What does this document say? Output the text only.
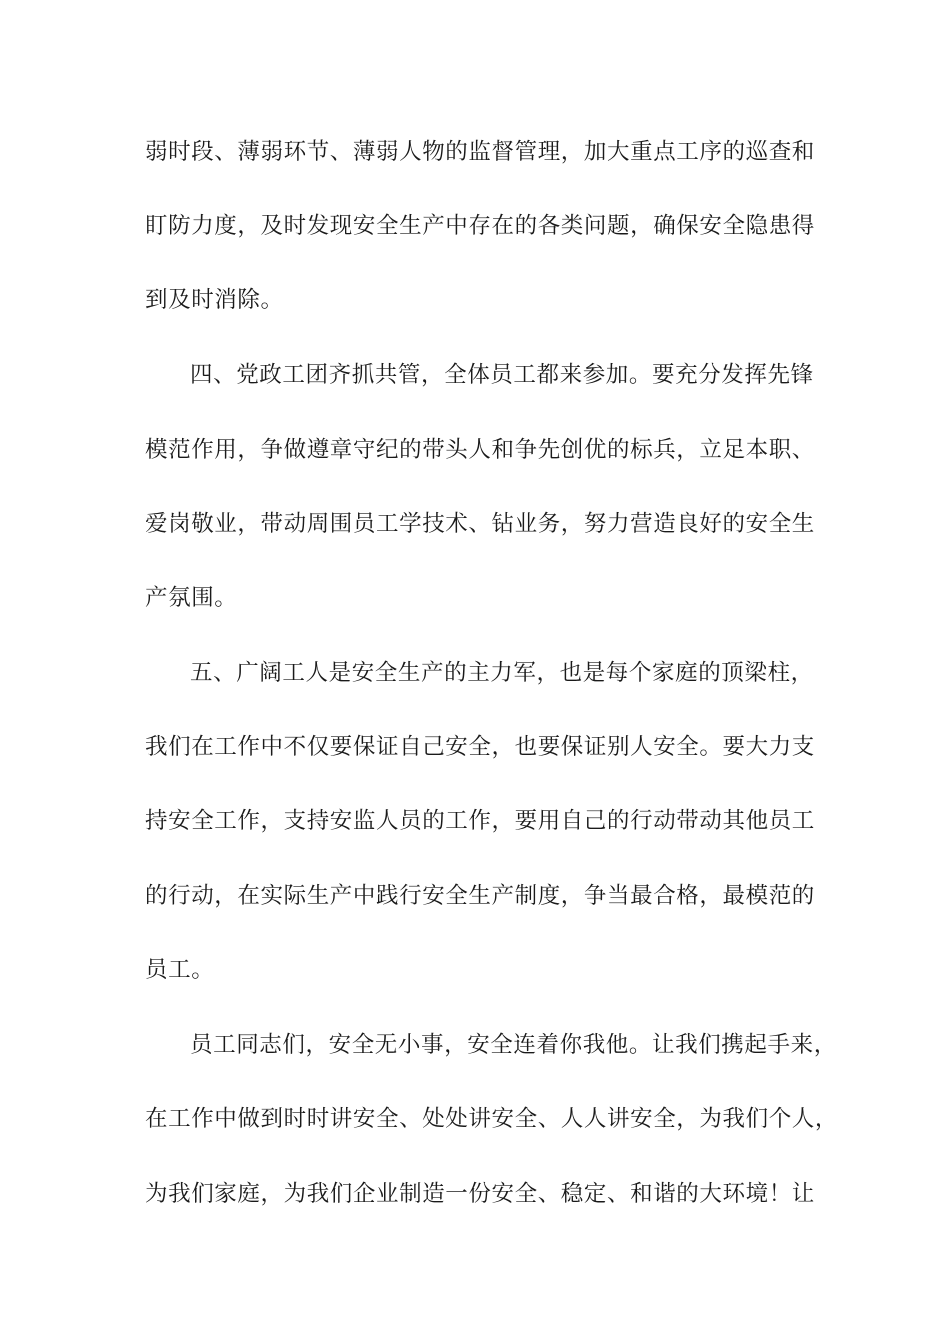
弱时段、薄弱环节、薄弱人物的监督管理，加大重点工序的巡查和
盯防力度，及时发现安全生产中存在的各类问题，确保安全隐患得
到及时消除。
四、党政工团齐抓共管，全体员工都来参加。要充分发挥先锋
模范作用，争做遵章守纪的带头人和争先创优的标兵，立足本职、
爱岗敬业，带动周围员工学技术、钻业务，努力营造良好的安全生
产氛围。
五、广阔工人是安全生产的主力军，也是每个家庭的顶梁柱，
我们在工作中不仅要保证自己安全，也要保证别人安全。要大力支
持安全工作，支持安监人员的工作，要用自己的行动带动其他员工
的行动，在实际生产中践行安全生产制度，争当最合格，最模范的
员工。
员工同志们，安全无小事，安全连着你我他。让我们携起手来，
在工作中做到时时讲安全、处处讲安全、人人讲安全，为我们个人，
为我们家庭，为我们企业制造一份安全、稳定、和谐的大环境！让
